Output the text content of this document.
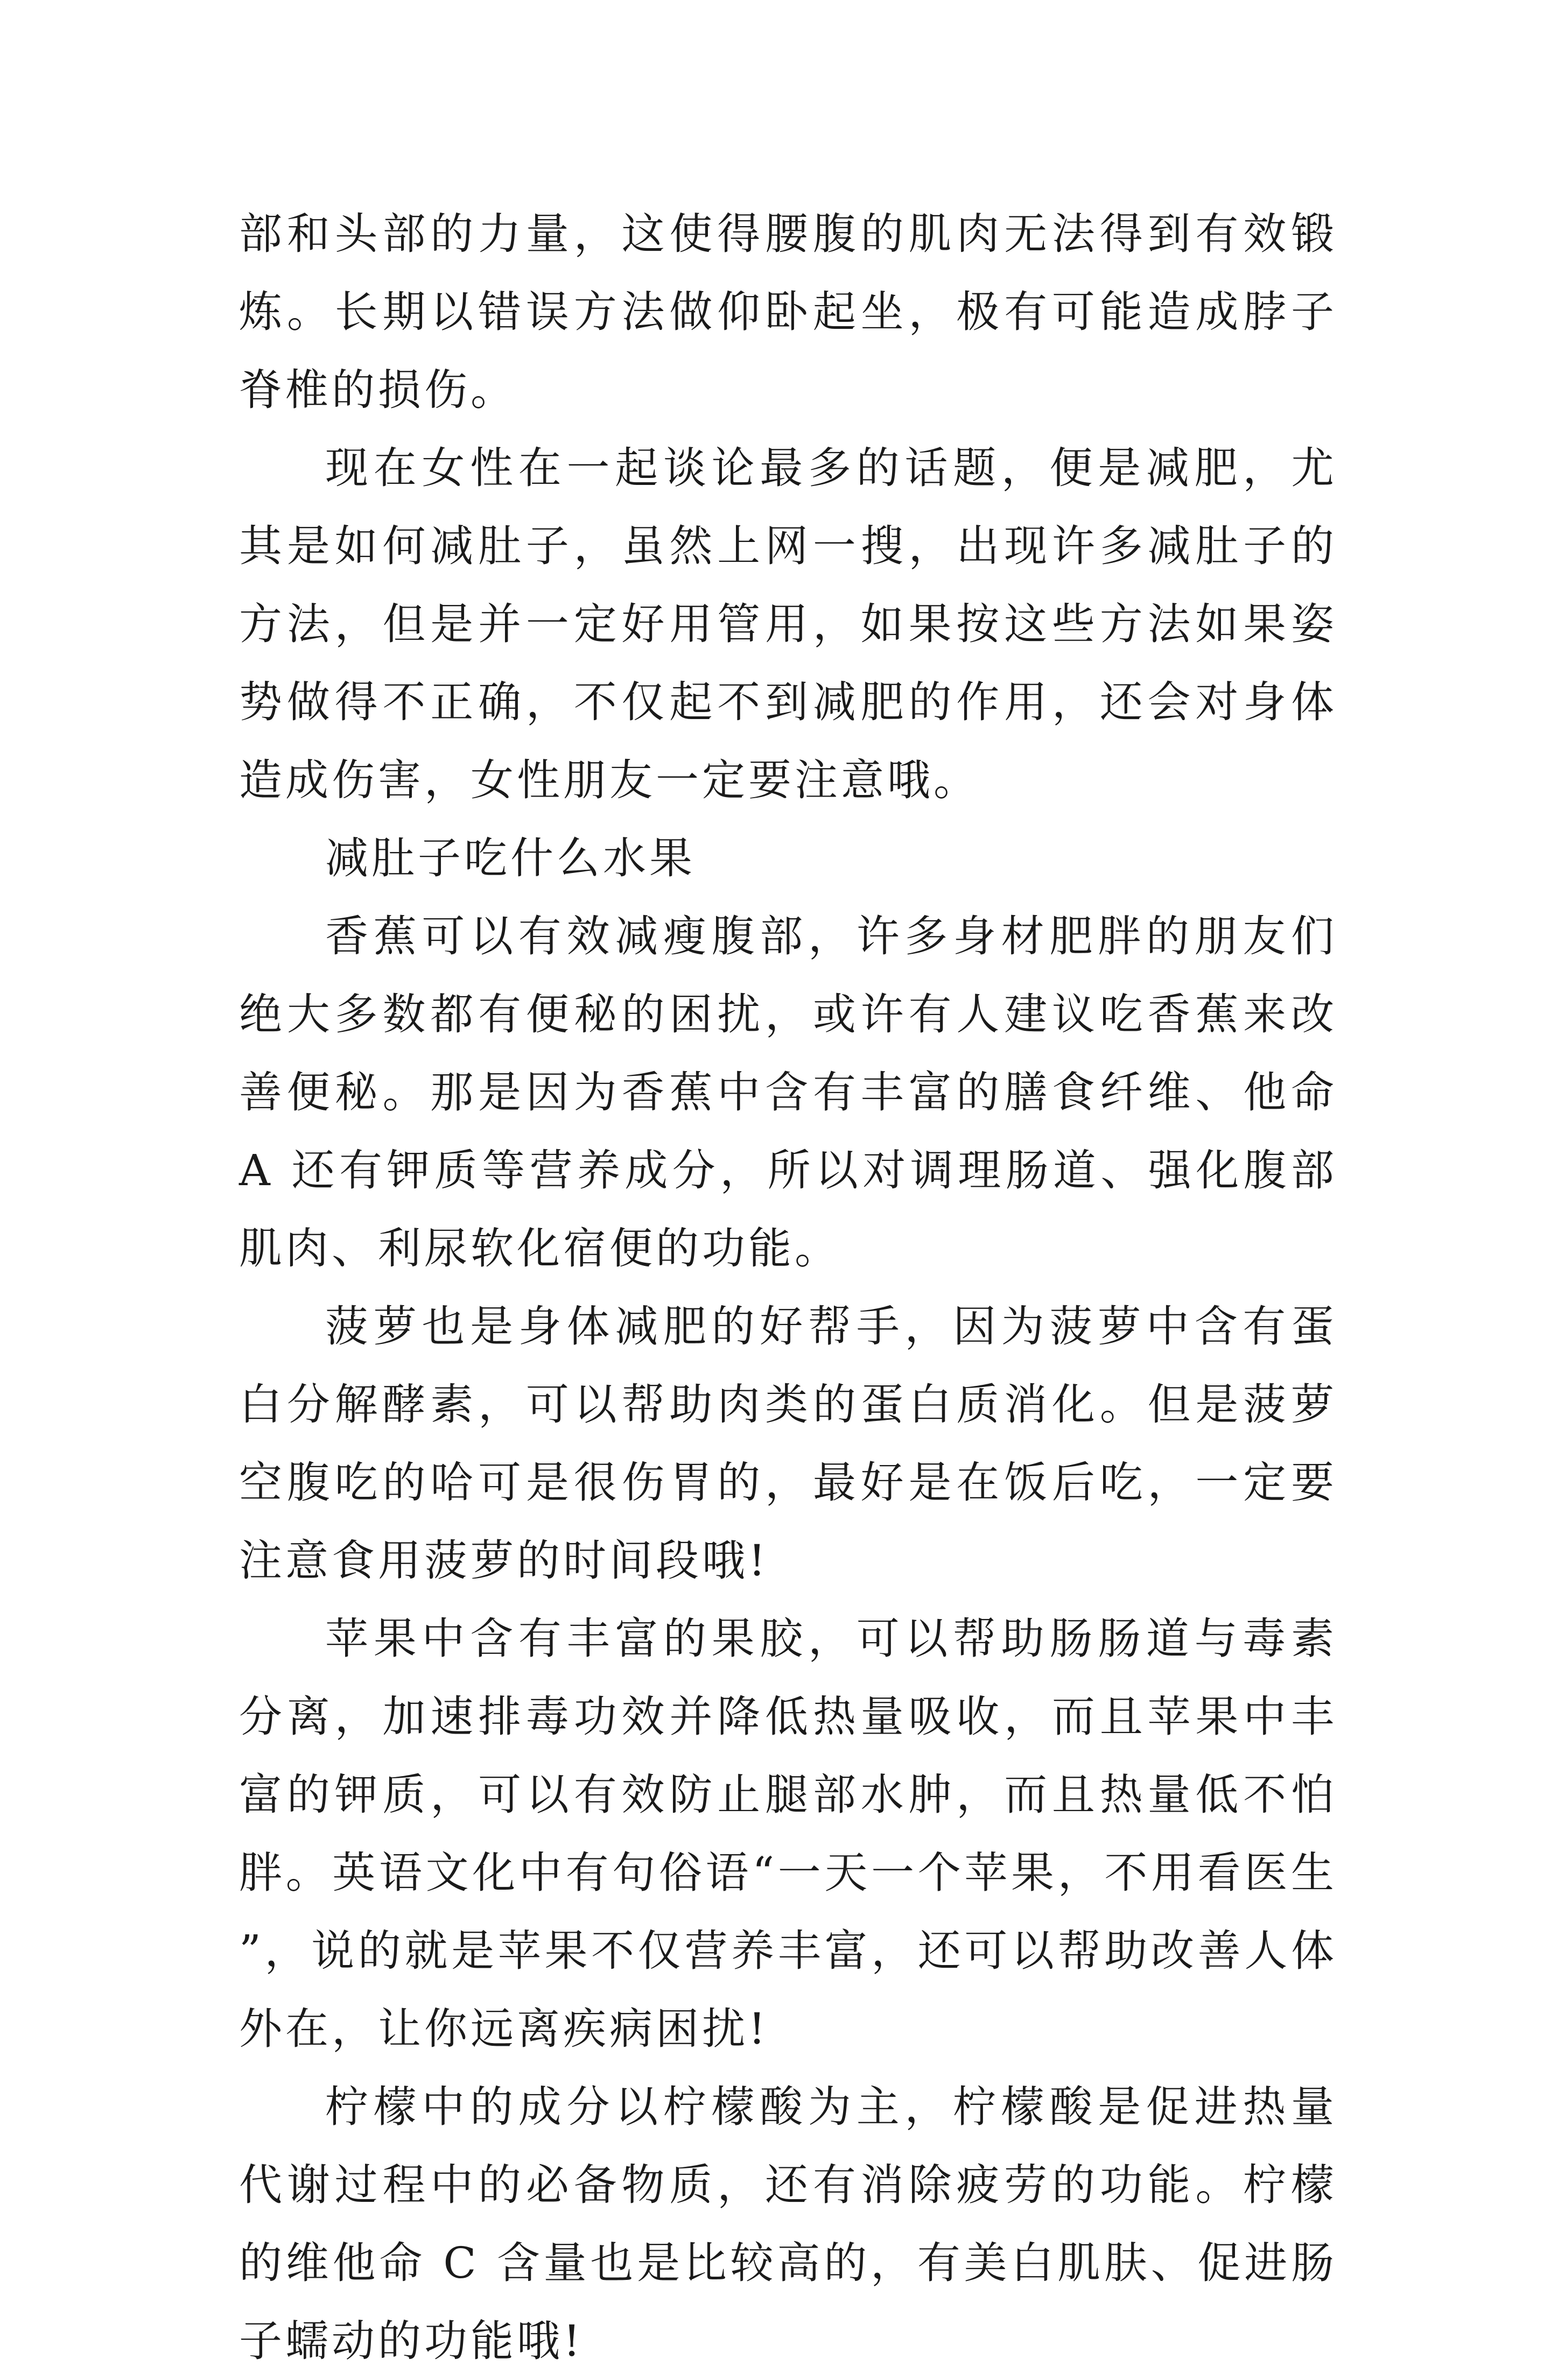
部和头部的力量，这使得腰腹的肌肉无法得到有效锻炼。长期以错误方法做仰卧起坐，极有可能造成脖子脊椎的损伤。

现在女性在一起谈论最多的话题，便是减肥，尤其是如何减肚子，虽然上网一搜，出现许多减肚子的方法，但是并一定好用管用，如果按这些方法如果姿势做得不正确，不仅起不到减肥的作用，还会对身体造成伤害，女性朋友一定要注意哦。

减肚子吃什么水果

香蕉可以有效减瘦腹部，许多身材肥胖的朋友们绝大多数都有便秘的困扰，或许有人建议吃香蕉来改善便秘。那是因为香蕉中含有丰富的膳食纤维、他命 A 还有钾质等营养成分，所以对调理肠道、强化腹部肌肉、利尿软化宿便的功能。

菠萝也是身体减肥的好帮手，因为菠萝中含有蛋白分解酵素，可以帮助肉类的蛋白质消化。但是菠萝空腹吃的哈可是很伤胃的，最好是在饭后吃，一定要注意食用菠萝的时间段哦!

苹果中含有丰富的果胶，可以帮助肠肠道与毒素分离，加速排毒功效并降低热量吸收，而且苹果中丰富的钾质，可以有效防止腿部水肿，而且热量低不怕胖。英语文化中有句俗语“一天一个苹果，不用看医生”，说的就是苹果不仅营养丰富，还可以帮助改善人体外在，让你远离疾病困扰!

柠檬中的成分以柠檬酸为主，柠檬酸是促进热量代谢过程中的必备物质，还有消除疲劳的功能。柠檬的维他命 C 含量也是比较高的，有美白肌肤、促进肠子蠕动的功能哦!
